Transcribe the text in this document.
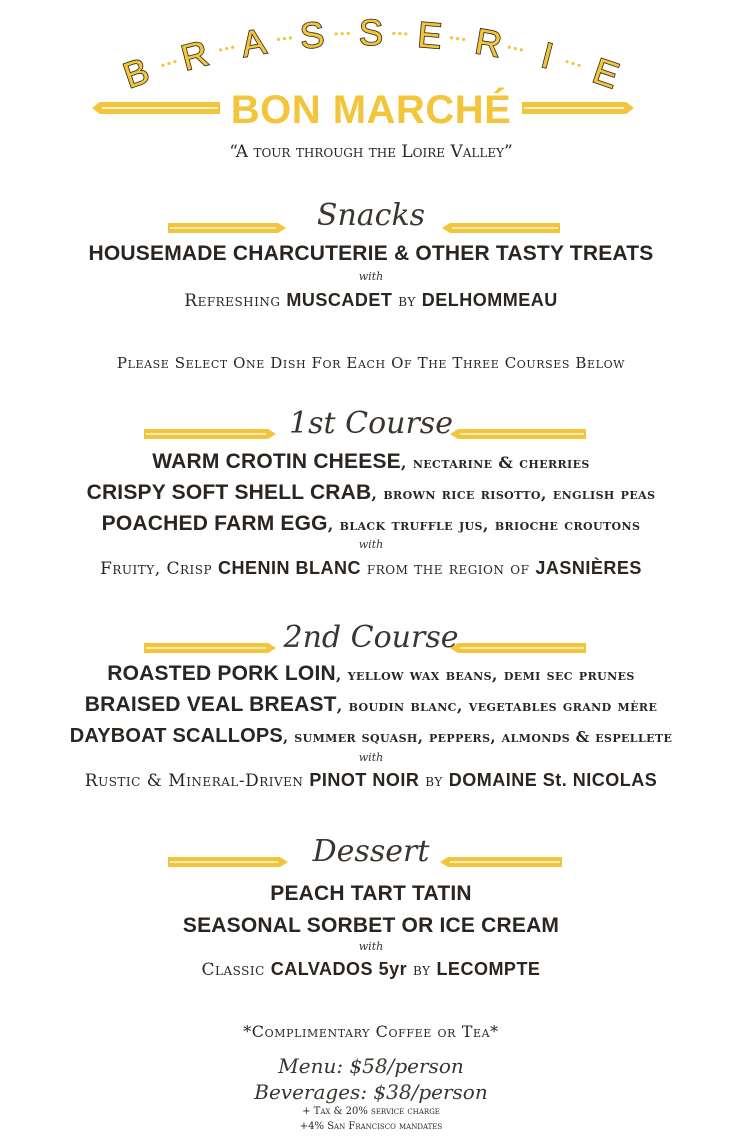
B R A S S E R I E
BON MARCHÉ
“A tour through the Loire Valley”
Snacks
HOUSEMADE CHARCUTERIE & OTHER TASTY TREATS
with
Refreshing MUSCADET by DELHOMMEAU
Please Select One Dish For Each Of The Three Courses Below
1st Course
WARM CROTIN CHEESE, nectarine & cherries
CRISPY SOFT SHELL CRAB, brown rice risotto, english peas
POACHED FARM EGG, black truffle jus, brioche croutons
with
Fruity, Crisp CHENIN BLANC from the region of JASNIÈRES
2nd Course
ROASTED PORK LOIN, yellow wax beans, demi sec prunes
BRAISED VEAL BREAST, boudin blanc, vegetables grand mère
DAYBOAT SCALLOPS, summer squash, peppers, almonds & espellete
with
Rustic & Mineral-Driven PINOT NOIR by DOMAINE St. NICOLAS
Dessert
PEACH TART TATIN
SEASONAL SORBET OR ICE CREAM
with
Classic CALVADOS 5yr by LECOMPTE
*Complimentary Coffee or Tea*
Menu: $58/person
Beverages: $38/person
+ Tax & 20% service charge
+4% San Francisco mandates
